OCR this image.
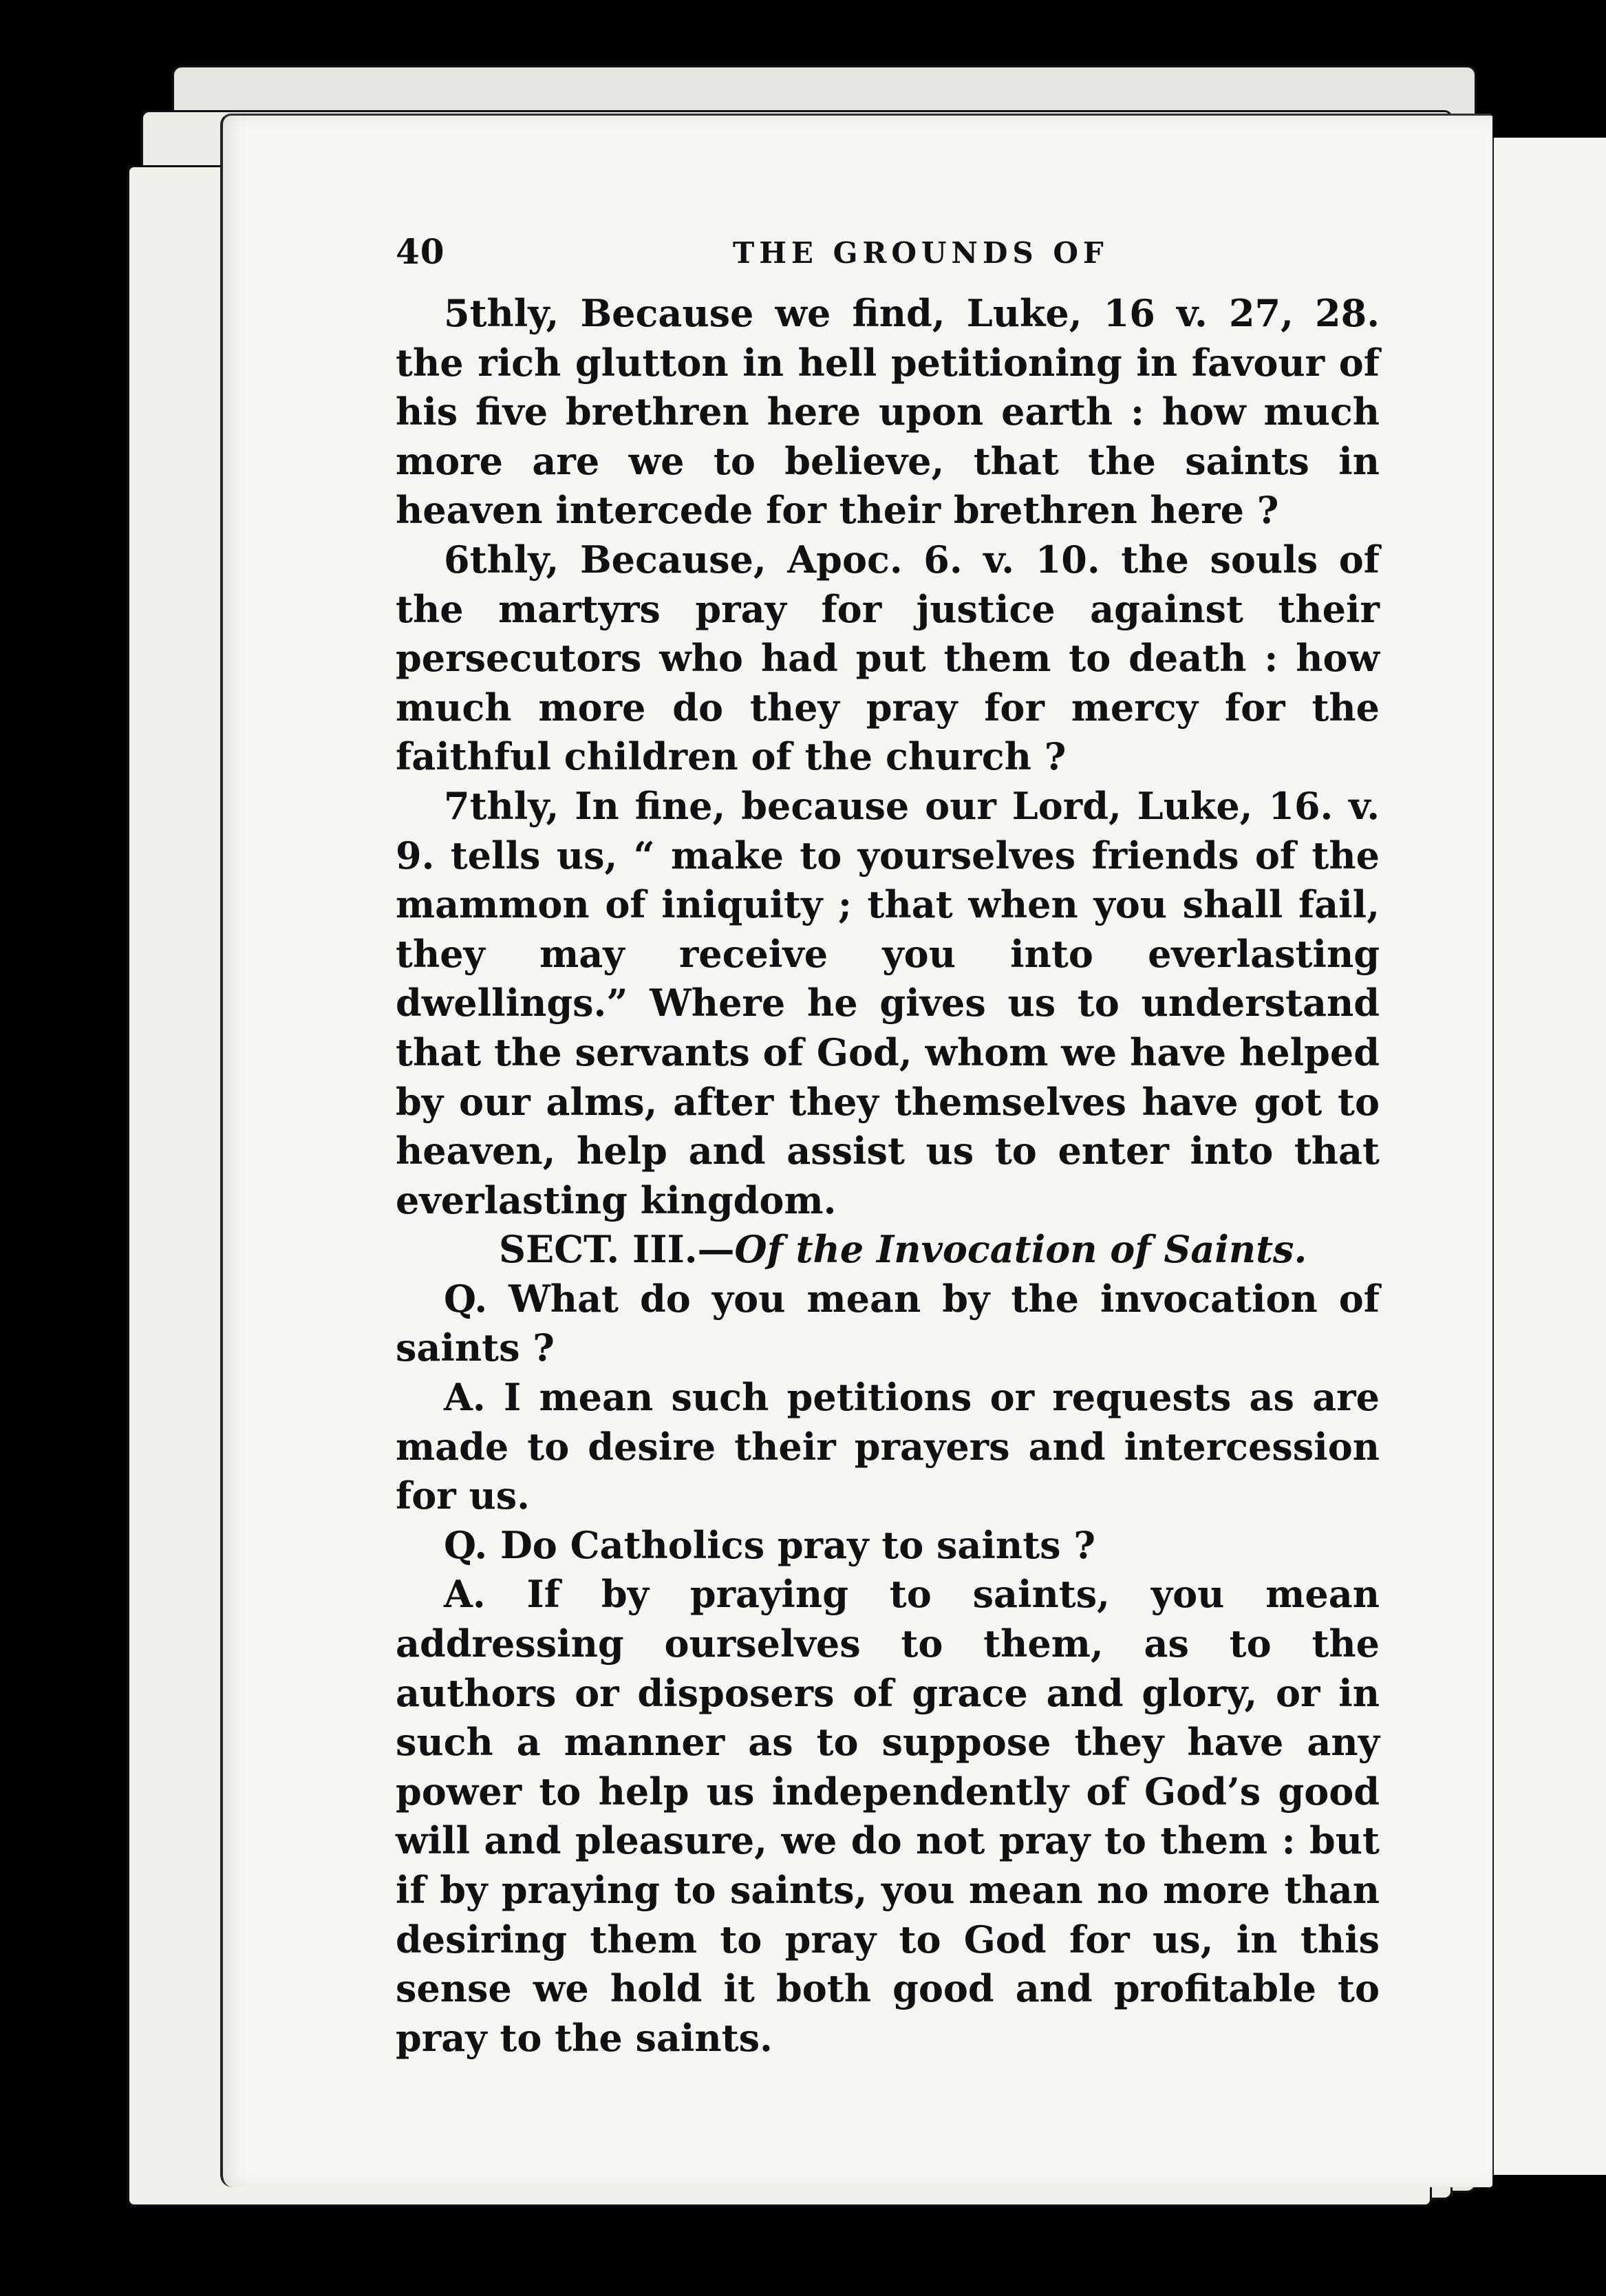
40	THE GROUNDS OF

5thly, Because we find, Luke, 16 v. 27, 28. the rich glutton in hell petitioning in favour of his five brethren here upon earth : how much more are we to believe, that the saints in heaven intercede for their brethren here ?

6thly, Because, Apoc. 6. v. 10. the souls of the martyrs pray for justice against their persecutors who had put them to death : how much more do they pray for mercy for the faithful children of the church ?

7thly, In fine, because our Lord, Luke, 16. v. 9. tells us, “ make to yourselves friends of the mammon of iniquity ; that when you shall fail, they may receive you into everlasting dwellings.” Where he gives us to understand that the servants of God, whom we have helped by our alms, after they themselves have got to heaven, help and assist us to enter into that everlasting kingdom.

SECT. III.—Of the Invocation of Saints.

Q. What do you mean by the invocation of saints ?

A. I mean such petitions or requests as are made to desire their prayers and intercession for us.

Q. Do Catholics pray to saints ?

A. If by praying to saints, you mean addressing ourselves to them, as to the authors or disposers of grace and glory, or in such a manner as to suppose they have any power to help us independently of God’s good will and pleasure, we do not pray to them : but if by praying to saints, you mean no more than desiring them to pray to God for us, in this sense we hold it both good and profitable to pray to the saints.
